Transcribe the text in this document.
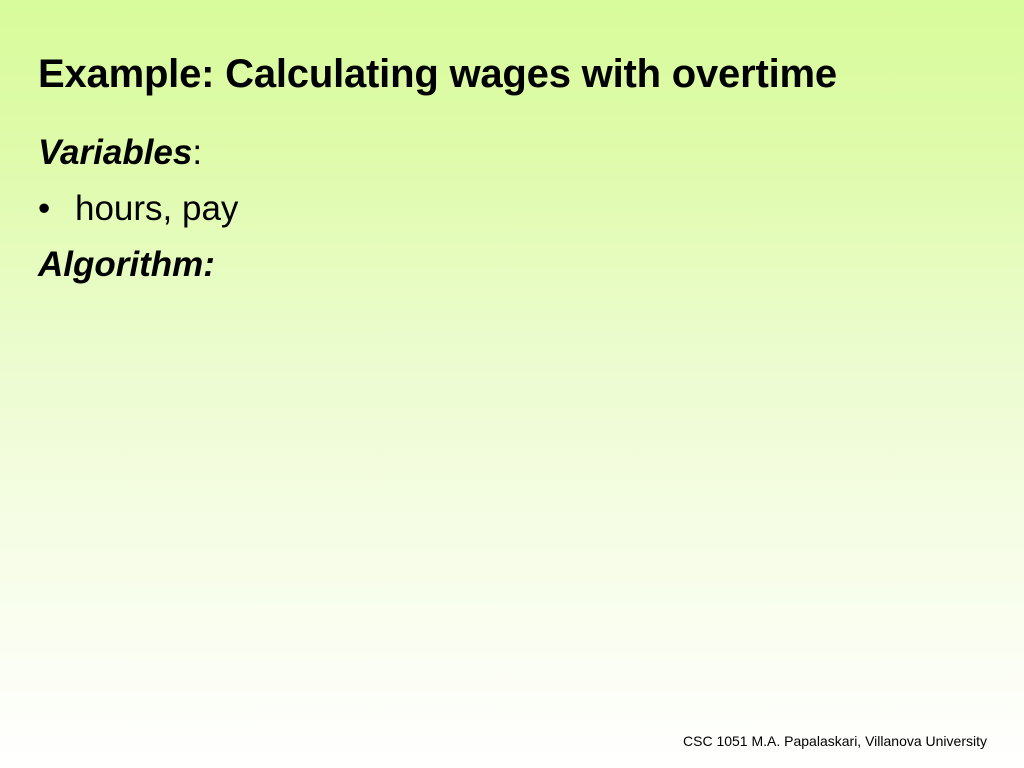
Example: Calculating wages with overtime
Variables:
• hours, pay
Algorithm:
CSC 1051 M.A. Papalaskari, Villanova University
